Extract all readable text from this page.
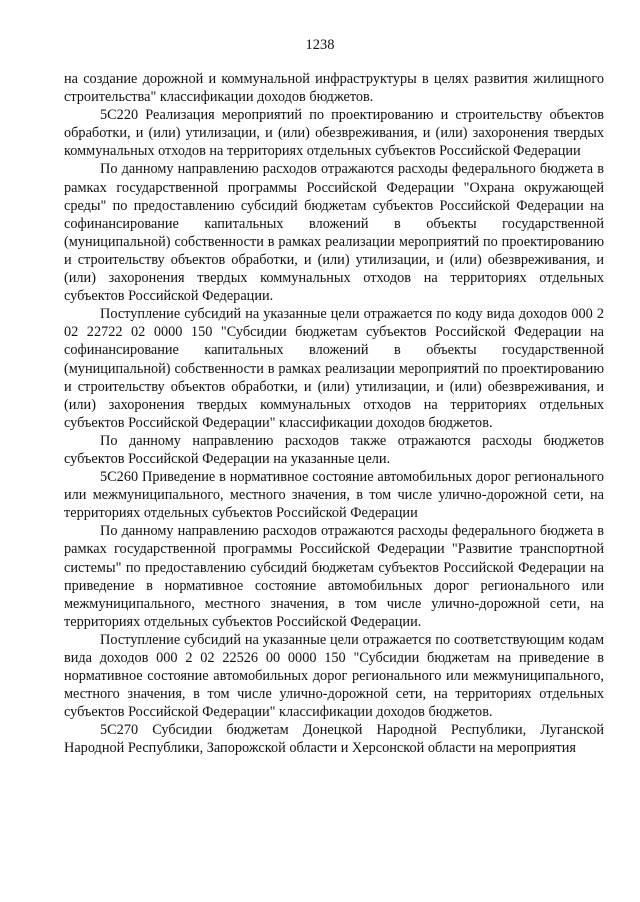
1238

на создание дорожной и коммунальной инфраструктуры в целях развития жилищного строительства" классификации доходов бюджетов.

5С220 Реализация мероприятий по проектированию и строительству объектов обработки, и (или) утилизации, и (или) обезвреживания, и (или) захоронения твердых коммунальных отходов на территориях отдельных субъектов Российской Федерации

По данному направлению расходов отражаются расходы федерального бюджета в рамках государственной программы Российской Федерации "Охрана окружающей среды" по предоставлению субсидий бюджетам субъектов Российской Федерации на софинансирование капитальных вложений в объекты государственной (муниципальной) собственности в рамках реализации мероприятий по проектированию и строительству объектов обработки, и (или) утилизации, и (или) обезвреживания, и (или) захоронения твердых коммунальных отходов на территориях отдельных субъектов Российской Федерации.

Поступление субсидий на указанные цели отражается по коду вида доходов 000 2 02 22722 02 0000 150 "Субсидии бюджетам субъектов Российской Федерации на софинансирование капитальных вложений в объекты государственной (муниципальной) собственности в рамках реализации мероприятий по проектированию и строительству объектов обработки, и (или) утилизации, и (или) обезвреживания, и (или) захоронения твердых коммунальных отходов на территориях отдельных субъектов Российской Федерации" классификации доходов бюджетов.

По данному направлению расходов также отражаются расходы бюджетов субъектов Российской Федерации на указанные цели.

5С260 Приведение в нормативное состояние автомобильных дорог регионального или межмуниципального, местного значения, в том числе улично-дорожной сети, на территориях отдельных субъектов Российской Федерации

По данному направлению расходов отражаются расходы федерального бюджета в рамках государственной программы Российской Федерации "Развитие транспортной системы" по предоставлению субсидий бюджетам субъектов Российской Федерации на приведение в нормативное состояние автомобильных дорог регионального или межмуниципального, местного значения, в том числе улично-дорожной сети, на территориях отдельных субъектов Российской Федерации.

Поступление субсидий на указанные цели отражается по соответствующим кодам вида доходов 000 2 02 22526 00 0000 150 "Субсидии бюджетам на приведение в нормативное состояние автомобильных дорог регионального или межмуниципального, местного значения, в том числе улично-дорожной сети, на территориях отдельных субъектов Российской Федерации" классификации доходов бюджетов.

5С270 Субсидии бюджетам Донецкой Народной Республики, Луганской Народной Республики, Запорожской области и Херсонской области на мероприятия
